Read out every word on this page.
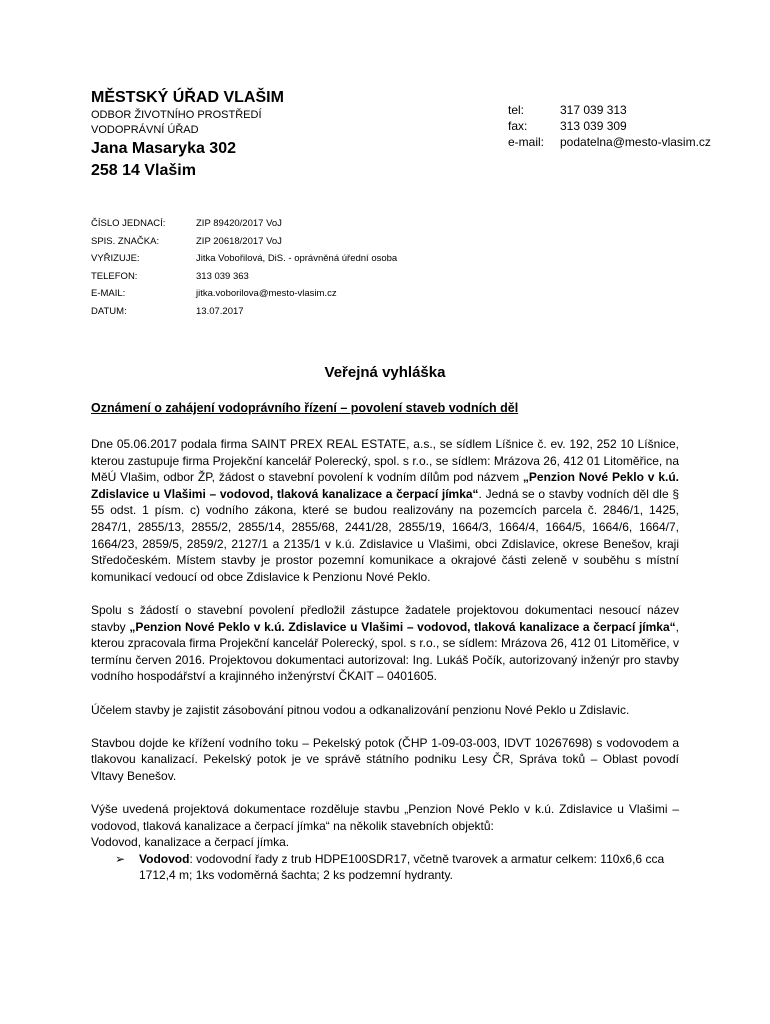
MĚSTSKÝ ÚŘAD VLAŠIM

ODBOR ŽIVOTNÍHO PROSTŘEDÍ

VODOPRÁVNÍ ÚŘAD

Jana Masaryka 302

258 14 Vlašim

tel:	317 039 313
fax:	313 039 309
e-mail:	podatelna@mesto-vlasim.cz
ČÍSLO JEDNACÍ:	ZIP 89420/2017 VoJ
SPIS. ZNAČKA:	ZIP 20618/2017 VoJ
VYŘIZUJE:	Jitka Vobořilová, DiS. - oprávněná úřední osoba
TELEFON:	313 039 363
E-MAIL:	jitka.voborilova@mesto-vlasim.cz
DATUM:	13.07.2017
Veřejná vyhláška
Oznámení o zahájení vodoprávního řízení – povolení staveb vodních děl

Dne 05.06.2017 podala firma SAINT PREX REAL ESTATE, a.s., se sídlem Líšnice č. ev. 192, 252 10 Líšnice, kterou zastupuje firma Projekční kancelář Polerecký, spol. s r.o., se sídlem: Mrázova 26, 412 01 Litoměřice, na MěÚ Vlašim, odbor ŽP, žádost o stavební povolení k vodním dílům pod názvem „Penzion Nové Peklo v k.ú. Zdislavice u Vlašimi – vodovod, tlaková kanalizace a čerpací jímka“. Jedná se o stavby vodních děl dle § 55 odst. 1 písm. c) vodního zákona, které se budou realizovány na pozemcích parcela č. 2846/1, 1425, 2847/1, 2855/13, 2855/2, 2855/14, 2855/68, 2441/28, 2855/19, 1664/3, 1664/4, 1664/5, 1664/6, 1664/7, 1664/23, 2859/5, 2859/2, 2127/1 a 2135/1 v k.ú. Zdislavice u Vlašimi, obci Zdislavice, okrese Benešov, kraji Středočeském. Místem stavby je prostor pozemní komunikace a okrajové části zeleně v souběhu s místní komunikací vedoucí od obce Zdislavice k Penzionu Nové Peklo.

Spolu s žádostí o stavební povolení předložil zástupce žadatele projektovou dokumentaci nesoucí název stavby „Penzion Nové Peklo v k.ú. Zdislavice u Vlašimi – vodovod, tlaková kanalizace a čerpací jímka“, kterou zpracovala firma Projekční kancelář Polerecký, spol. s r.o., se sídlem: Mrázova 26, 412 01 Litoměřice, v termínu červen 2016. Projektovou dokumentaci autorizoval: Ing. Lukáš Počík, autorizovaný inženýr pro stavby vodního hospodářství a krajinného inženýrství ČKAIT – 0401605.

Účelem stavby je zajistit zásobování pitnou vodou a odkanalizování penzionu Nové Peklo u Zdislavic.

Stavbou dojde ke křížení vodního toku – Pekelský potok (ČHP 1-09-03-003, IDVT 10267698) s vodovodem a tlakovou kanalizací. Pekelský potok je ve správě státního podniku Lesy ČR, Správa toků – Oblast povodí Vltavy Benešov.

Výše uvedená projektová dokumentace rozděluje stavbu „Penzion Nové Peklo v k.ú. Zdislavice u Vlašimi – vodovod, tlaková kanalizace a čerpací jímka“ na několik stavebních objektů:

Vodovod, kanalizace a čerpací jímka.

➢ Vodovod: vodovodní řady z trub HDPE100SDR17, včetně tvarovek a armatur celkem: 110x6,6 cca 1712,4 m; 1ks vodoměrná šachta; 2 ks podzemní hydranty.
